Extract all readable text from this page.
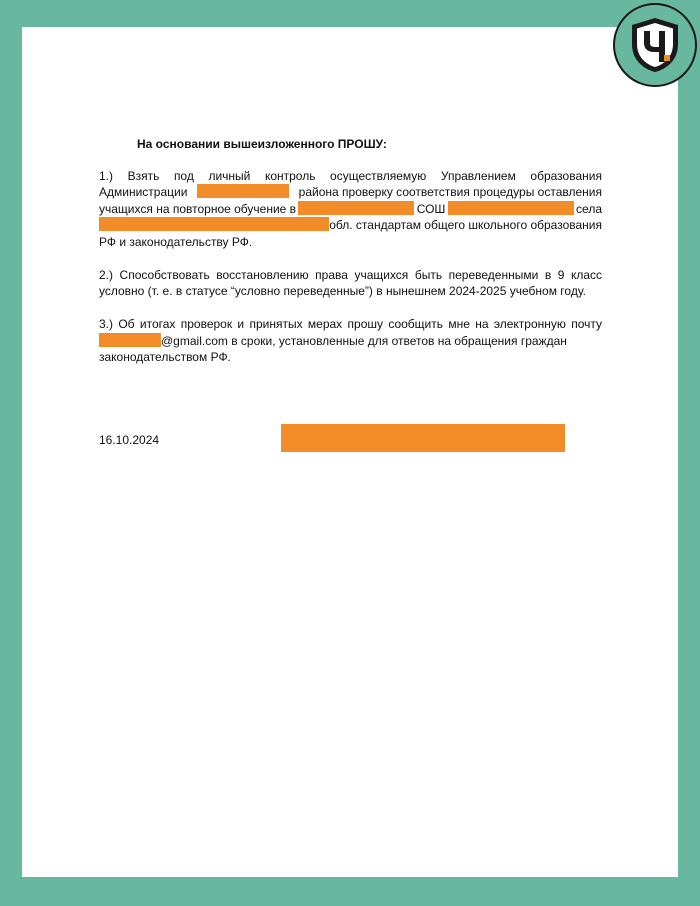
На основании вышеизложенного ПРОШУ:
1.) Взять под личный контроль осуществляемую Управлением образования
Администрации	района проверку соответствия процедуры оставления
учащихся на повторное обучение в	СОШ	села
обл. стандартам общего школьного образования
РФ и законодательству РФ.
2.) Способствовать восстановлению права учащихся быть переведенными в 9 класс
условно (т. е. в статусе “условно переведенные”) в нынешнем 2024-2025 учебном году.
3.) Об итогах проверок и принятых мерах прошу сообщить мне на электронную почту
@gmail.com в сроки, установленные для ответов на обращения граждан
законодательством РФ.
16.10.2024
